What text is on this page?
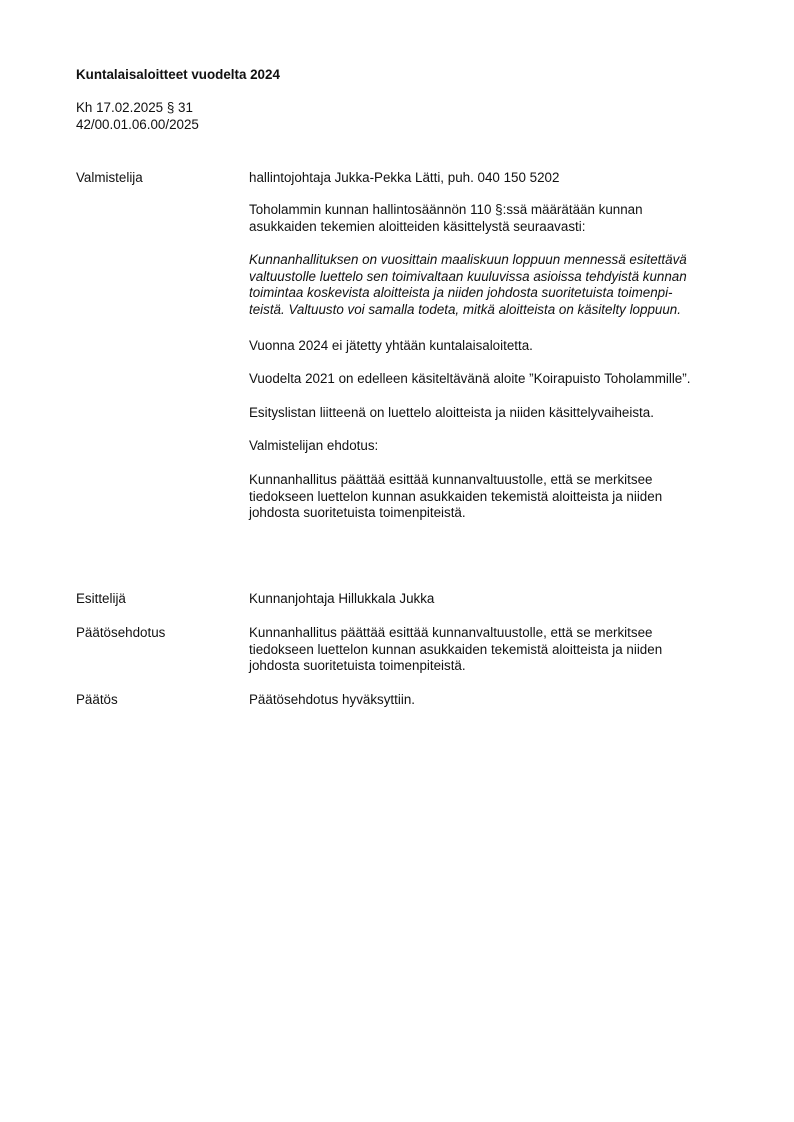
Kuntalaisaloitteet vuodelta 2024
Kh 17.02.2025 § 31
42/00.01.06.00/2025
Valmistelija	hallintojohtaja Jukka-Pekka Lätti, puh. 040 150 5202

Toholammin kunnan hallintosäännön 110 §:ssä määrätään kunnan

asukkaiden tekemien aloitteiden käsittelystä seuraavasti:

Kunnanhallituksen on vuosittain maaliskuun loppuun mennessä esitettävä

valtuustolle luettelo sen toimivaltaan kuuluvissa asioissa tehdyistä kunnan

toimintaa koskevista aloitteista ja niiden johdosta suoritetuista toimenpi-

teistä. Valtuusto voi samalla todeta, mitkä aloitteista on käsitelty loppuun.

Vuonna 2024 ei jätetty yhtään kuntalaisaloitetta.

Vuodelta 2021 on edelleen käsiteltävänä aloite ”Koirapuisto Toholammille”.

Esityslistan liitteenä on luettelo aloitteista ja niiden käsittelyvaiheista.

Valmistelijan ehdotus:

Kunnanhallitus päättää esittää kunnanvaltuustolle, että se merkitsee

tiedokseen luettelon kunnan asukkaiden tekemistä aloitteista ja niiden

johdosta suoritetuista toimenpiteistä.

Esittelijä	Kunnanjohtaja Hillukkala Jukka

Päätösehdotus	Kunnanhallitus päättää esittää kunnanvaltuustolle, että se merkitsee

tiedokseen luettelon kunnan asukkaiden tekemistä aloitteista ja niiden

johdosta suoritetuista toimenpiteistä.

Päätös	Päätösehdotus hyväksyttiin.
